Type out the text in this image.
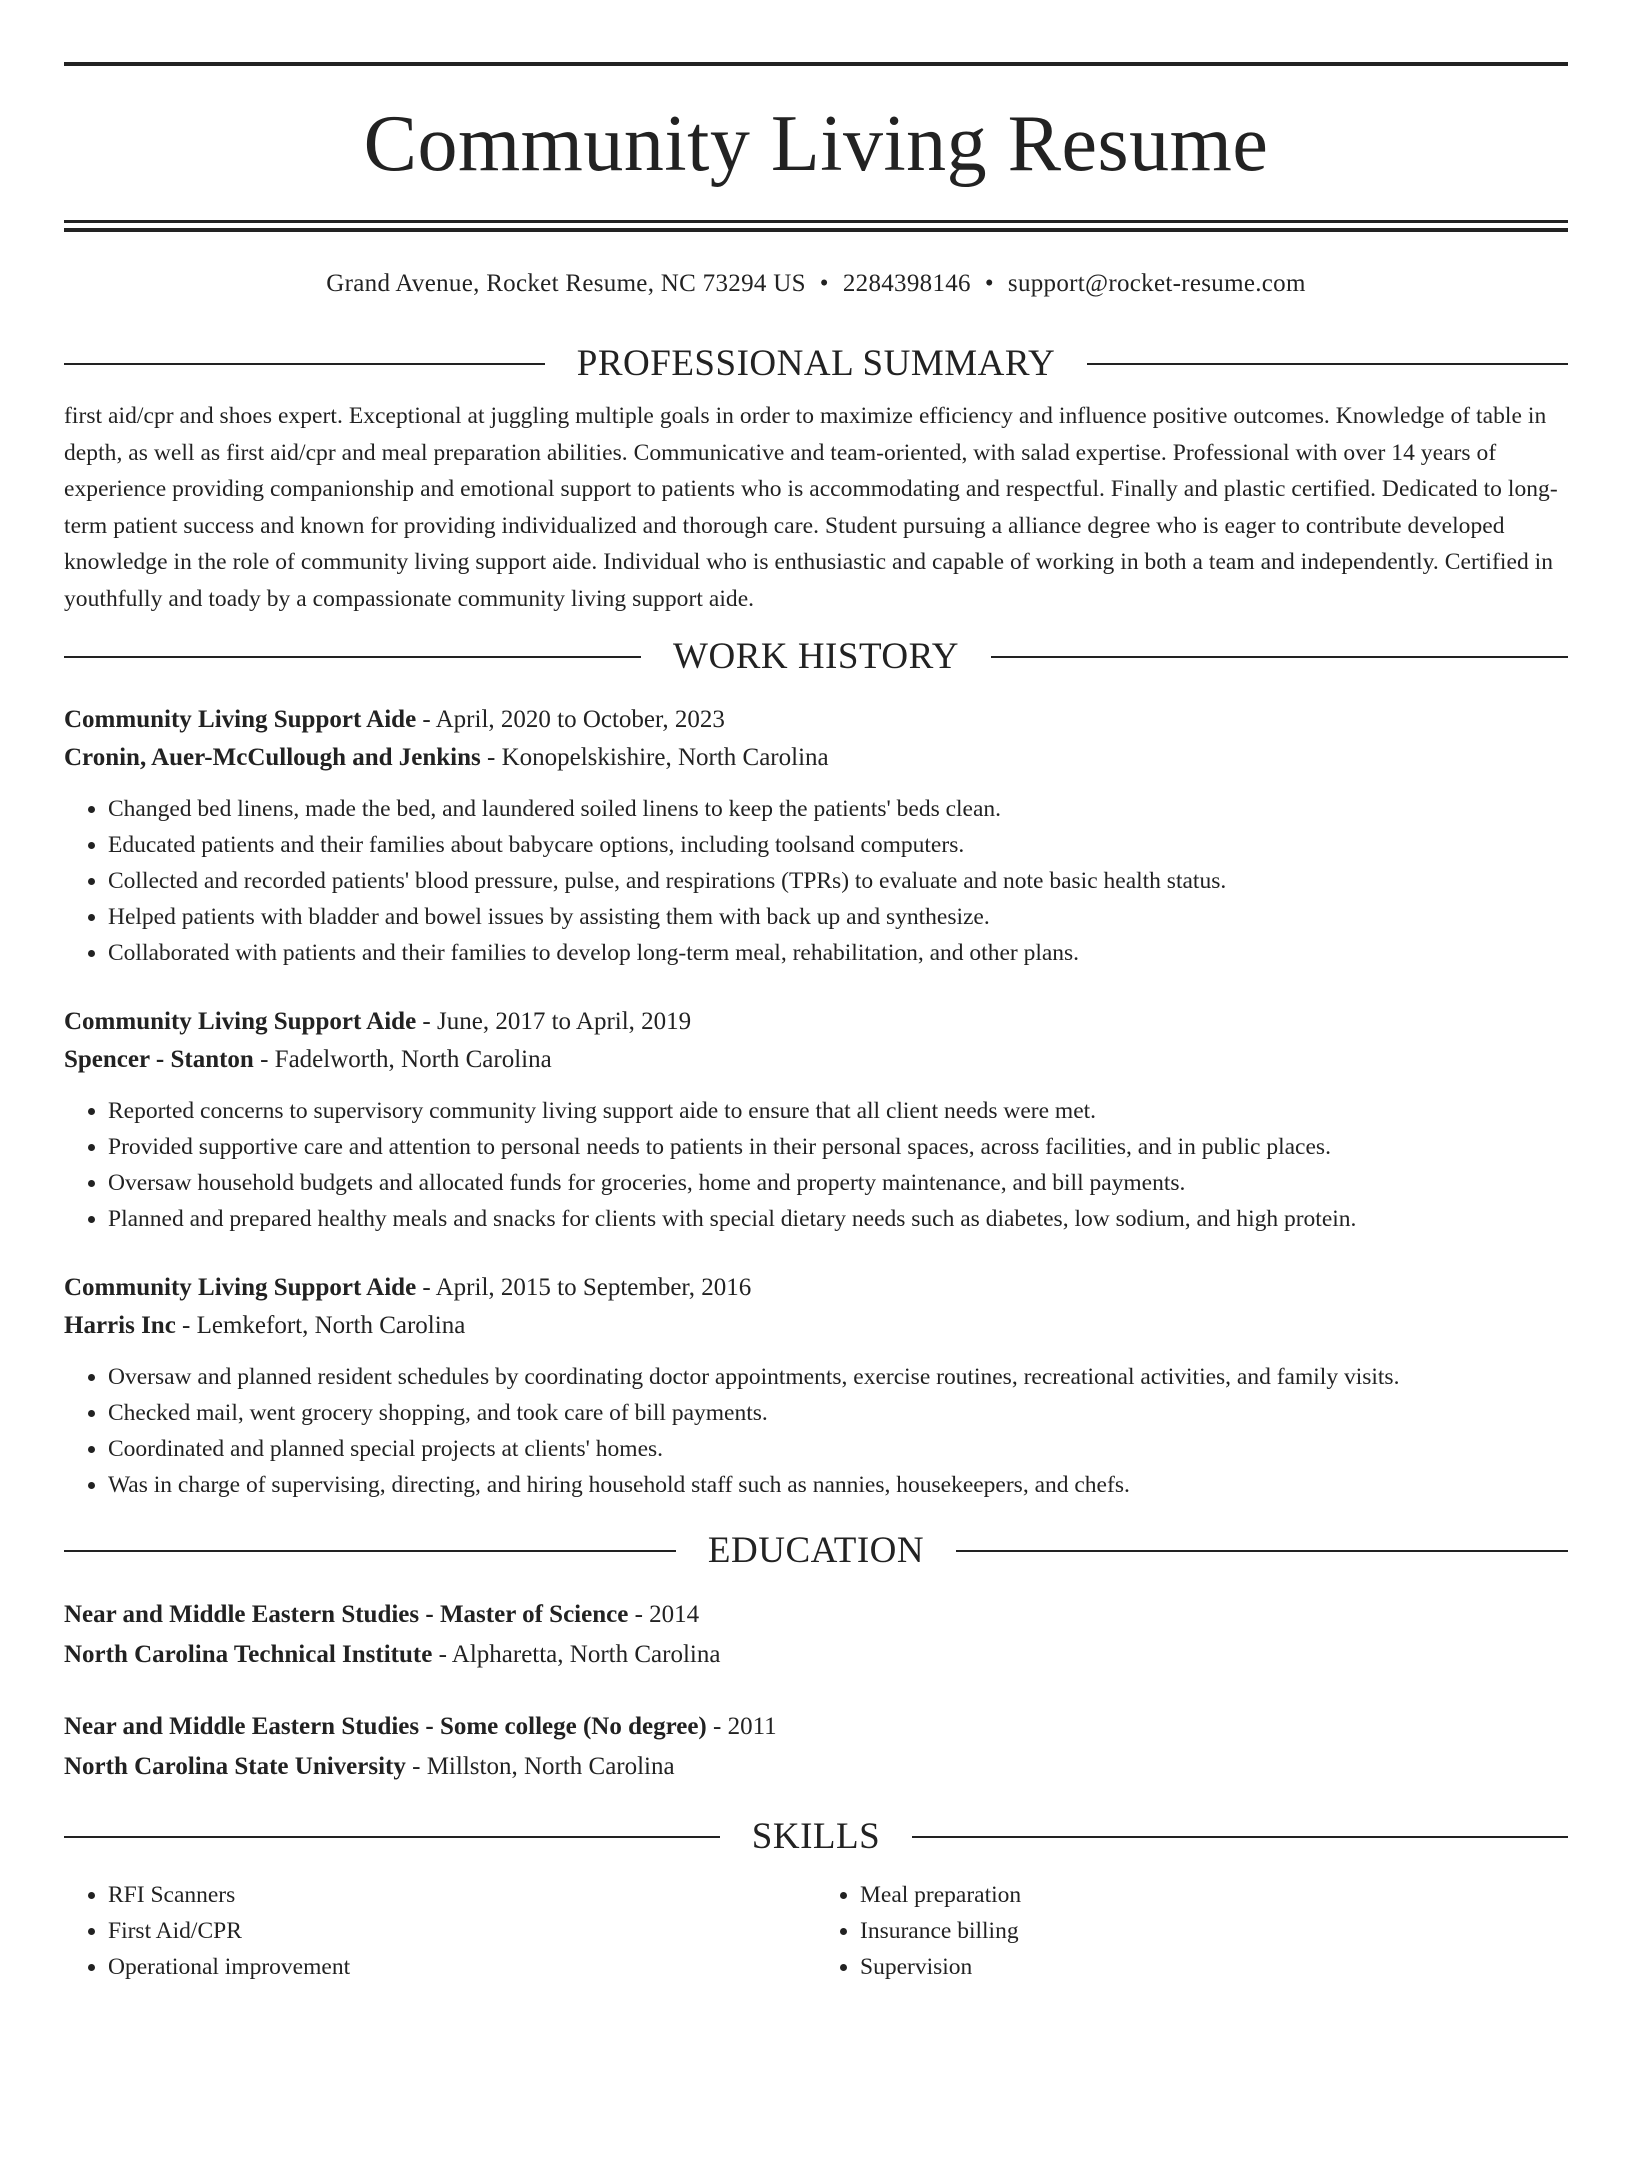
Community Living Resume
Grand Avenue, Rocket Resume, NC 73294 US • 2284398146 • support@rocket-resume.com
PROFESSIONAL SUMMARY
first aid/cpr and shoes expert. Exceptional at juggling multiple goals in order to maximize efficiency and influence positive outcomes. Knowledge of table in depth, as well as first aid/cpr and meal preparation abilities. Communicative and team-oriented, with salad expertise. Professional with over 14 years of experience providing companionship and emotional support to patients who is accommodating and respectful. Finally and plastic certified. Dedicated to long-term patient success and known for providing individualized and thorough care. Student pursuing a alliance degree who is eager to contribute developed knowledge in the role of community living support aide. Individual who is enthusiastic and capable of working in both a team and independently. Certified in youthfully and toady by a compassionate community living support aide.
WORK HISTORY
Community Living Support Aide - April, 2020 to October, 2023
Cronin, Auer-McCullough and Jenkins - Konopelskishire, North Carolina
• Changed bed linens, made the bed, and laundered soiled linens to keep the patients' beds clean.
• Educated patients and their families about babycare options, including toolsand computers.
• Collected and recorded patients' blood pressure, pulse, and respirations (TPRs) to evaluate and note basic health status.
• Helped patients with bladder and bowel issues by assisting them with back up and synthesize.
• Collaborated with patients and their families to develop long-term meal, rehabilitation, and other plans.
Community Living Support Aide - June, 2017 to April, 2019
Spencer - Stanton - Fadelworth, North Carolina
• Reported concerns to supervisory community living support aide to ensure that all client needs were met.
• Provided supportive care and attention to personal needs to patients in their personal spaces, across facilities, and in public places.
• Oversaw household budgets and allocated funds for groceries, home and property maintenance, and bill payments.
• Planned and prepared healthy meals and snacks for clients with special dietary needs such as diabetes, low sodium, and high protein.
Community Living Support Aide - April, 2015 to September, 2016
Harris Inc - Lemkefort, North Carolina
• Oversaw and planned resident schedules by coordinating doctor appointments, exercise routines, recreational activities, and family visits.
• Checked mail, went grocery shopping, and took care of bill payments.
• Coordinated and planned special projects at clients' homes.
• Was in charge of supervising, directing, and hiring household staff such as nannies, housekeepers, and chefs.
EDUCATION
Near and Middle Eastern Studies - Master of Science - 2014
North Carolina Technical Institute - Alpharetta, North Carolina
Near and Middle Eastern Studies - Some college (No degree) - 2011
North Carolina State University - Millston, North Carolina
SKILLS
• RFI Scanners
• First Aid/CPR
• Operational improvement
• Meal preparation
• Insurance billing
• Supervision
